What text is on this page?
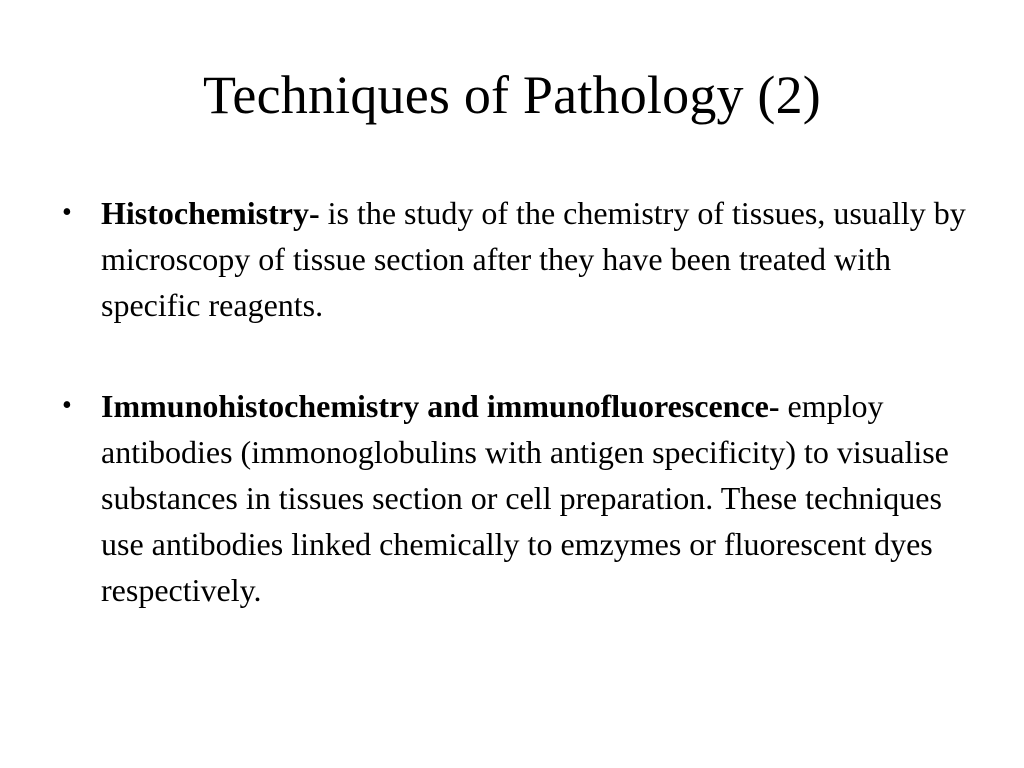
Techniques of Pathology (2)
• Histochemistry- is the study of the chemistry of tissues, usually by microscopy of tissue section after they have been treated with specific reagents.
• Immunohistochemistry and immunofluorescence- employ antibodies (immonoglobulins with antigen specificity) to visualise substances in tissues section or cell preparation. These techniques use antibodies linked chemically to emzymes or fluorescent dyes respectively.
